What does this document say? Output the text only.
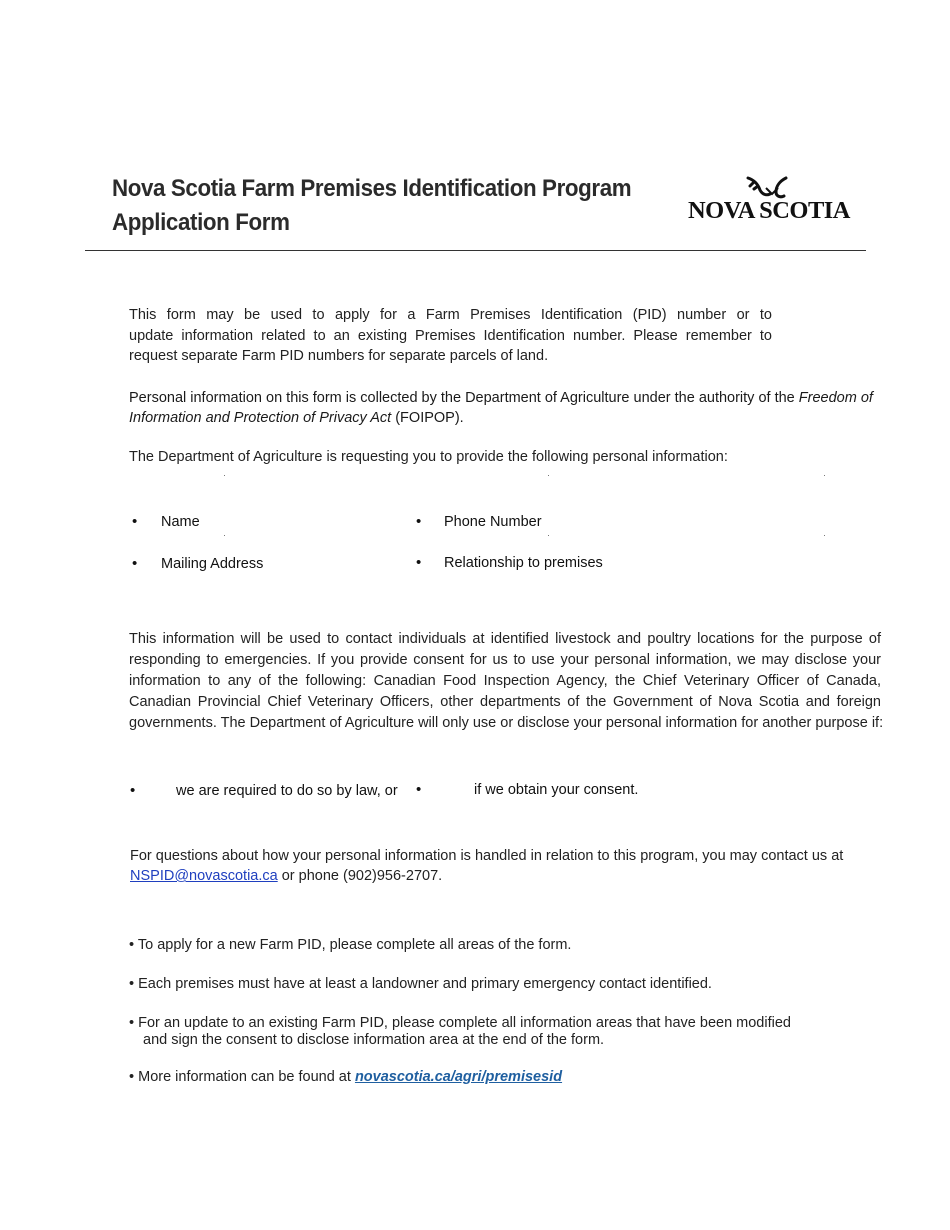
Nova Scotia Farm Premises Identification Program
Application Form	NOVA SCOTIA
This form may be used to apply for a Farm Premises Identification (PID) number or to
update information related to an existing Premises Identification number. Please remember to
request separate Farm PID numbers for separate parcels of land.
Personal information on this form is collected by the Department of Agriculture under the authority of the Freedom of Information and Protection of Privacy Act (FOIPOP).
The Department of Agriculture is requesting you to provide the following personal information:
• Name	• Phone Number
• Mailing Address	• Relationship to premises
This information will be used to contact individuals at identified livestock and poultry locations for the purpose of
responding to emergencies. If you provide consent for us to use your personal information, we may disclose your
information to any of the following: Canadian Food Inspection Agency, the Chief Veterinary Officer of Canada,
Canadian Provincial Chief Veterinary Officers, other departments of the Government of Nova Scotia and foreign
governments. The Department of Agriculture will only use or disclose your personal information for another purpose if:
•	we are required to do so by law, or •	if we obtain your consent.
For questions about how your personal information is handled in relation to this program, you may contact us at
NSPID@novascotia.ca or phone (902)956-2707.
• To apply for a new Farm PID, please complete all areas of the form.
• Each premises must have at least a landowner and primary emergency contact identified.
• For an update to an existing Farm PID, please complete all information areas that have been modified
and sign the consent to disclose information area at the end of the form.
• More information can be found at novascotia.ca/agri/premisesid
